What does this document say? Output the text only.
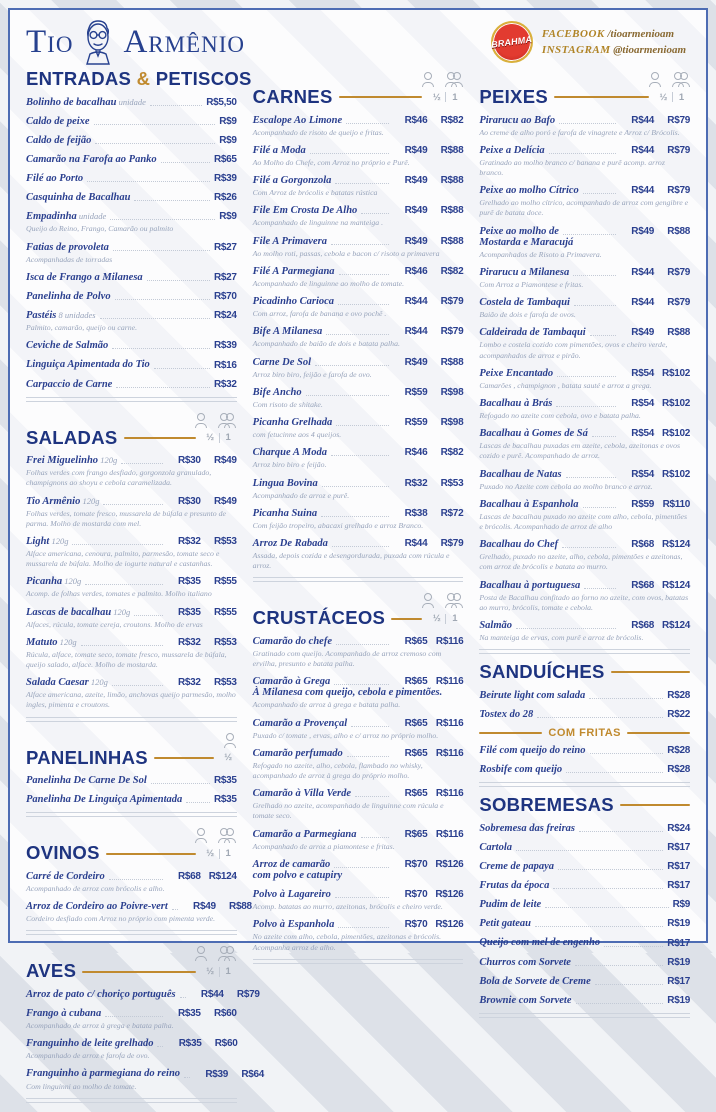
Tio Armênio	BRAHMA FACEBOOK /tioarmenioam
INSTAGRAM @tioarmenioam
ENTRADAS & PETISCOS
Bolinho de bacalhau unidade	R$5,50
Caldo de peixe	R$9
Caldo de feijão	R$9
Camarão na Farofa ao Panko	R$65
Filé ao Porto	R$39
Casquinha de Bacalhau	R$26
Empadinha unidade	R$9
Queijo do Reino, Frango, Camarão ou palmito
Fatias de provoleta	R$27
Acompanhadas de torradas
Isca de Frango a Milanesa	R$27
Panelinha de Polvo	R$70
Pastéis 8 unidades	R$24
Palmito, camarão, queijo ou carne.
Ceviche de Salmão	R$39
Linguiça Apimentada do Tio	R$16
Carpaccio de Carne	R$32
SALADAS	½	1
Frei Miguelinho 120g	R$30	R$49
Folhas verdes com frango desfiado, gorgonzola granulado, champignons ao shoyu e cebola caramelizada.
Tio Armênio 120g	R$30	R$49
Folhas verdes, tomate fresco, mussarela de búfala e presunto de parma. Molho de mostarda com mel.
Light 120g	R$32	R$53
Alface americana, cenoura, palmito, parmesão, tomate seco e mussarela de búfala. Molho de iogurte natural e castanhas.
Picanha 120g	R$35	R$55
Acomp. de folhas verdes, tomates e palmito. Molho italiano
Lascas de bacalhau 120g	R$35	R$55
Alfaces, rúcula, tomate cereja, croutons. Molho de ervas
Matuto 120g	R$32	R$53
Rúcula, alface, tomate seco, tomate fresco, mussarela de búfala, queijo salado, alface. Molho de mostarda.
Salada Caesar 120g	R$32	R$53
Alface americana, azeite, limão, anchovas queijo parmesão, molho ingles, pimenta e croutons.
PANELINHAS	½
Panelinha De Carne De Sol	R$35
Panelinha De Linguiça Apimentada	R$35
OVINOS	½	1
Carré de Cordeiro	R$68 R$124
Acompanhado de arroz com brócolis e alho.
Arroz de Cordeiro ao Poivre-vert	R$49	R$88
Cordeiro desfiado com Arroz no próprio com pimenta verde.
AVES	½	1
Arroz de pato c/ choriço português	R$44	R$79
Frango à cubana	R$35	R$60
Acompanhado de arroz à grega e batata palha.
Franguinho de leite grelhado	R$35	R$60
Acompanhado de arroz e farofa de ovo.
Franguinho à parmegiana do reino	R$39	R$64
Com linguinni ao molho de tomate.
CARNES	½	1
Escalope Ao Limone	R$46	R$82
Acompanhado de risoto de queijo e fritas.
Filé a Moda	R$49	R$88
Ao Molho do Chefe, com Arroz no próprio e Purê.
Filé a Gorgonzola	R$49	R$88
Com Arroz de brócolis e batatas rústica
File Em Crosta De Alho	R$49	R$88
Acompanhado de linguinne na manteiga .
File A Primavera	R$49	R$88
Ao molho roti, passas, cebola e bacon c/ risoto a primavera
Filé A Parmegiana	R$46	R$82
Acompanhado de linguinne ao molho de tomate.
Picadinho Carioca	R$44	R$79
Com arroz, farofa de banana e ovo pochê .
Bife A Milanesa	R$44	R$79
Acompanhado de baião de dois e batata palha.
Carne De Sol	R$49	R$88
Arroz biro biro, feijão e farofa de ovo.
Bife Ancho	R$59	R$98
Com risoto de shitake.
Picanha Grelhada	R$59	R$98
com fetucinne aos 4 queijos.
Charque A Moda	R$46	R$82
Arroz biro biro e feijão.
Lingua Bovina	R$32	R$53
Acompanhado de arroz e purê.
Picanha Suina	R$38	R$72
Com feijão tropeiro, abacaxi grelhado e arroz Branco.
Arroz De Rabada	R$44	R$79
Assada, depois cozida e desengordurada, puxada com rúcula e arroz.
CRUSTÁCEOS	½	1
Camarão do chefe	R$65 R$116
Gratinado com queijo. Acompanhado de arroz cremoso com ervilha, presunto e batata palha.
Camarão à Grega	R$65 R$116
À Milanesa com queijo, cebola e pimentões.
Acompanhado de arroz à grega e batata palha.
Camarão a Provençal	R$65 R$116
Puxado c/ tomate , ervas, alho e c/ arroz no próprio molho.
Camarão perfumado	R$65 R$116
Refogado no azeite, alho, cebola, flambado no whisky, acompanhado de arroz à grega do próprio molho.
Camarão à Villa Verde	R$65 R$116
Grelhado no azeite, acompanhado de linguinne com rúcula e tomate seco.
Camarão a Parmegiana	R$65 R$116
Acompanhado de arroz a piamontese e fritas.
Arroz de camarão	R$70 R$126
com polvo e catupiry
Polvo à Lagareiro	R$70 R$126
Acomp. batatas ao murro, azeitonas, brócolis e cheiro verde.
Polvo à Espanhola	R$70 R$126
No azeite com alho, cebola, pimentões, azeitonas e brócolis. Acompanha arroz de alho.
PEIXES	½	1
Pirarucu ao Bafo	R$44	R$79
Ao creme de alho poró e farofa de vinagrete e Arroz c/ Brócolis.
Peixe a Delícia	R$44	R$79
Gratinado ao molho branco c/ banana e purê acomp. arroz branco.
Peixe ao molho Cítrico	R$44	R$79
Grelhado ao molho cítrico, acompanhado de arroz com gengibre e purê de batata doce.
Peixe ao molho de	R$49	R$88
Mostarda e Maracujá
Acompanhados de Risoto a Primavera.
Pirarucu a Milanesa	R$44	R$79
Com Arroz a Piamontese e fritas.
Costela de Tambaqui	R$44	R$79
Baião de dois e farofa de ovos.
Caldeirada de Tambaqui	R$49	R$88
Lombo e costela cozido com pimentões, ovos e cheiro verde, acompanhados de arroz e pirão.
Peixe Encantado	R$54 R$102
Camarões , champignon , batata sauté e arroz a grega.
Bacalhau à Brás	R$54 R$102
Refogado no azeite com cebola, ovo e batata palha.
Bacalhau à Gomes de Sá	R$54 R$102
Lascas de bacalhau puxadas em azeite, cebola, azeitonas e ovos cozido e purê. Acompanhado de arroz.
Bacalhau de Natas	R$54 R$102
Puxado no Azeite com cebola ao molho branco e arroz.
Bacalhau à Espanhola	R$59 R$110
Lascas de bacalhau puxado no azeite com alho, cebola, pimentões e brócolis. Acompanhado de arroz de alho
Bacalhau do Chef	R$68 R$124
Grelhado, puxado no azeite, alho, cebola, pimentões e azeitonas, com arroz de brócolis e batata ao murro.
Bacalhau à portuguesa	R$68 R$124
Posta de Bacalhau confitado ao forno no azeite, com ovos, batatas ao murro, brócolis, tomate e cebola.
Salmão	R$68 R$124
Na manteiga de ervas, com purê e arroz de brócolis.
SANDUÍCHES
Beirute light com salada	R$28
Tostex do 28	R$22
COM FRITAS
Filé com queijo do reino	R$28
Rosbife com queijo	R$28
SOBREMESAS
Sobremesa das freiras	R$24
Cartola	R$17
Creme de papaya	R$17
Frutas da época	R$17
Pudim de leite	R$9
Petit gateau	R$19
Queijo com mel de engenho	R$17
Churros com Sorvete	R$19
Bola de Sorvete de Creme	R$17
Brownie com Sorvete	R$19
